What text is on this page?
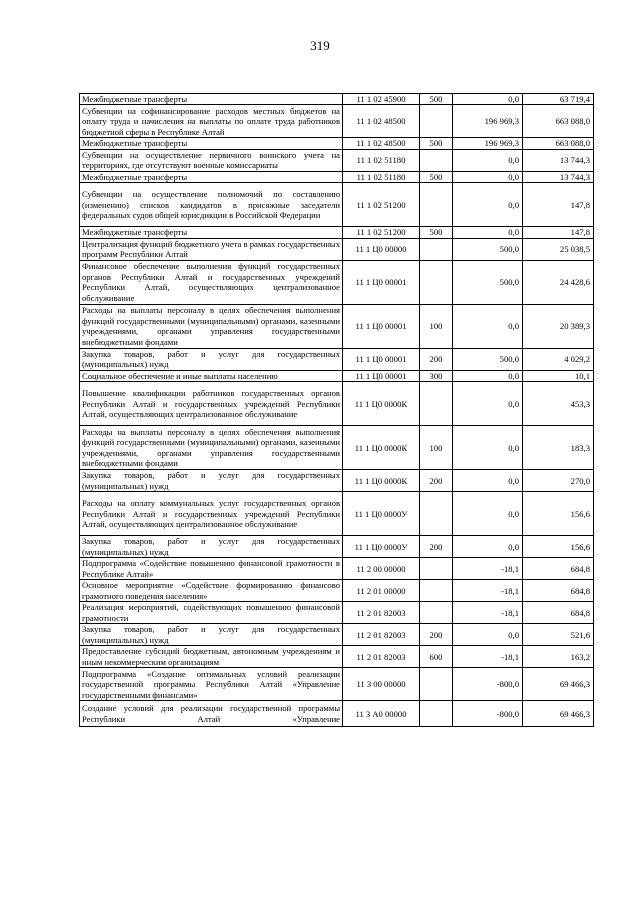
319
Межбюджетные трансферты	11 1 02 45900	500	0,0	63 719,4
Субвенции на софинансирование расходов местных бюджетов на оплату труда и начисления на выплаты по оплате труда работников бюджетной сферы в Республике Алтай	11 1 02 48500		196 969,3	663 088,0
Межбюджетные трансферты	11 1 02 48500	500	196 969,3	663 088,0
Субвенции на осуществление первичного воинского учета на территориях, где отсутствуют военные комиссариаты	11 1 02 51180		0,0	13 744,3
Межбюджетные трансферты	11 1 02 51180	500	0,0	13 744,3
Субвенции на осуществление полномочий по составлению (изменению) списков кандидатов в присяжные заседатели федеральных судов общей юрисдикции в Российской Федерации	11 1 02 51200		0,0	147,8
Межбюджетные трансферты	11 1 02 51200	500	0,0	147,8
Централизация функций бюджетного учета в рамках государственных программ Республики Алтай	11 1 Ц0 00000		500,0	25 038,5
Финансовое обеспечение выполнения функций государственных органов Республики Алтай и государственных учреждений Республики Алтай, осуществляющих централизованное обслуживание	11 1 Ц0 00001		500,0	24 428,6
Расходы на выплаты персоналу в целях обеспечения выполнения функций государственными (муниципальными) органами, казенными учреждениями, органами управления государственными внебюджетными фондами	11 1 Ц0 00001	100	0,0	20 389,3
Закупка товаров, работ и услуг для государственных (муниципальных) нужд	11 1 Ц0 00001	200	500,0	4 029,2
Социальное обеспечение и иные выплаты населению	11 1 Ц0 00001	300	0,0	10,1
Повышение квалификации работников государственных органов Республики Алтай и государственных учреждений Республики Алтай, осуществляющих централизованное обслуживание	11 1 Ц0 0000К		0,0	453,3
Расходы на выплаты персоналу в целях обеспечения выполнения функций государственными (муниципальными) органами, казенными учреждениями, органами управления государственными внебюджетными фондами	11 1 Ц0 0000К	100	0,0	183,3
Закупка товаров, работ и услуг для государственных (муниципальных) нужд	11 1 Ц0 0000К	200	0,0	270,0
Расходы на оплату коммунальных услуг государственных органов Республики Алтай и государственных учреждений Республики Алтай, осуществляющих централизованное обслуживание	11 1 Ц0 0000У		0,0	156,6
Закупка товаров, работ и услуг для государственных (муниципальных) нужд	11 1 Ц0 0000У	200	0,0	156,6
Подпрограмма «Содействие повышению финансовой грамотности в Республике Алтай»	11 2 00 00000		-18,1	684,8
Основное мероприятие «Содействие формированию финансово грамотного поведения населения»	11 2 01 00000		-18,1	684,8
Реализация мероприятий, содействующих повышению финансовой грамотности	11 2 01 82003		-18,1	684,8
Закупка товаров, работ и услуг для государственных (муниципальных) нужд	11 2 01 82003	200	0,0	521,6
Предоставление субсидий бюджетным, автономным учреждениям и иным некоммерческим организациям	11 2 01 82003	600	-18,1	163,2
Подпрограмма «Создание оптимальных условий реализации государственной программы Республики Алтай «Управление государственными финансами»	11 3 00 00000		-800,0	69 466,3
Создание условий для реализации государственной программы Республики Алтай «Управление	11 3 А0 00000		-800,0	69 466,3
